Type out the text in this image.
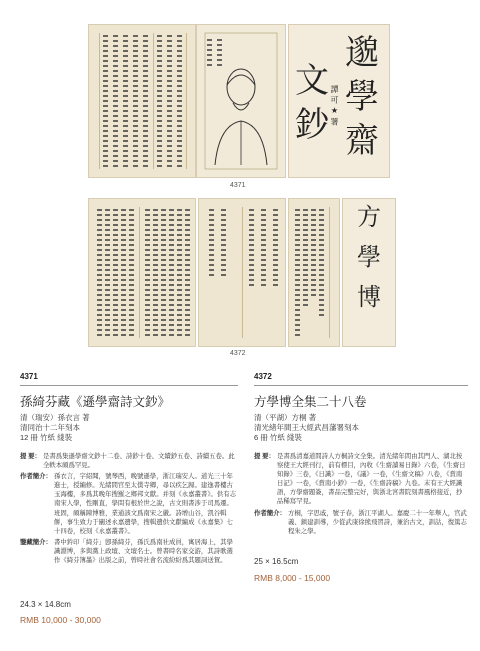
邈
學
齋
文
鈔 譚 可 ★ 署
4371
方
學
博
4372
4371
孫綺芬藏《遜學齋詩文鈔》
清（瑞安）孫衣言 著
清同治十二年刻本
12 冊 竹紙 綫裝

提 要： 是書爲集遜學齋文鈔十二卷、詩鈔十卷、文續鈔五卷、詩續五卷。此全帙本頗爲罕見。

作者簡介： 孫衣言，字紹聞，號琴西，晚號遜學，浙江瑞安人。道光三十年進士，授編修。光緒間官至太僕寺卿，尋以疾乞歸。建逸書樓古玉海樓，多爲其晚年搜羅之鄉邦文獻。并刻《永嘉叢書》。供有志南宋人學，性剛直，學問有根於世之說，古文則書涉于司馬遷。班固，頗稱陳博雅，業通該文爲南宋之嚴。詩增山谷，凯谷輯餅，事生致力于闡述永嘉遺學，搜輯遺供文獻編成《永嘉集》七十四卷，校刻《永嘉叢書》。

鑒藏簡介： 書中鈐印「綺芬」卽孫綺芬，孫氏爲南社成員，寓居海上，其學識淵博，多與黨上政壇、文壇名士。曾書時名家交游，其詩歌選作《綺芬簿墨》出版之前，曾時社會名流紛紛爲其題詞送賀。

24.3 × 14.8cm
RMB 10,000 - 30,000
4372
方學博全集二十八卷
清（平湖）方桐 著
清光緒年間王大經武昌藩署刻本
6 冊 竹紙 綫裝

提 要： 是書爲清嘉道間詩人方桐詩文全集。清光緒年間由其門人、湖北按察使王大經刊行，前有標目，內收《生齋讀易日錄》六卷，《生齋日知錄》三卷，《日識》一卷，《議》一卷，《生齋文稿》八卷，《賁南日記》一卷，《賁南小鈔》一卷，《生齋詩稿》九卷。末有王大經識語，方學齋題簽，書品完整完好，與浙北宮書院刻書風格接近，抄品稀寫罕見。

作者簡介： 方桐，字思戚，號子春，浙江平湖人。嘉慶二十一年舉人，官武義、鎮建訓導，少從武康徐熊飛習詩，兼治古文，訓詁，復篤志程朱之學。

25 × 16.5cm
RMB 8,000 - 15,000
